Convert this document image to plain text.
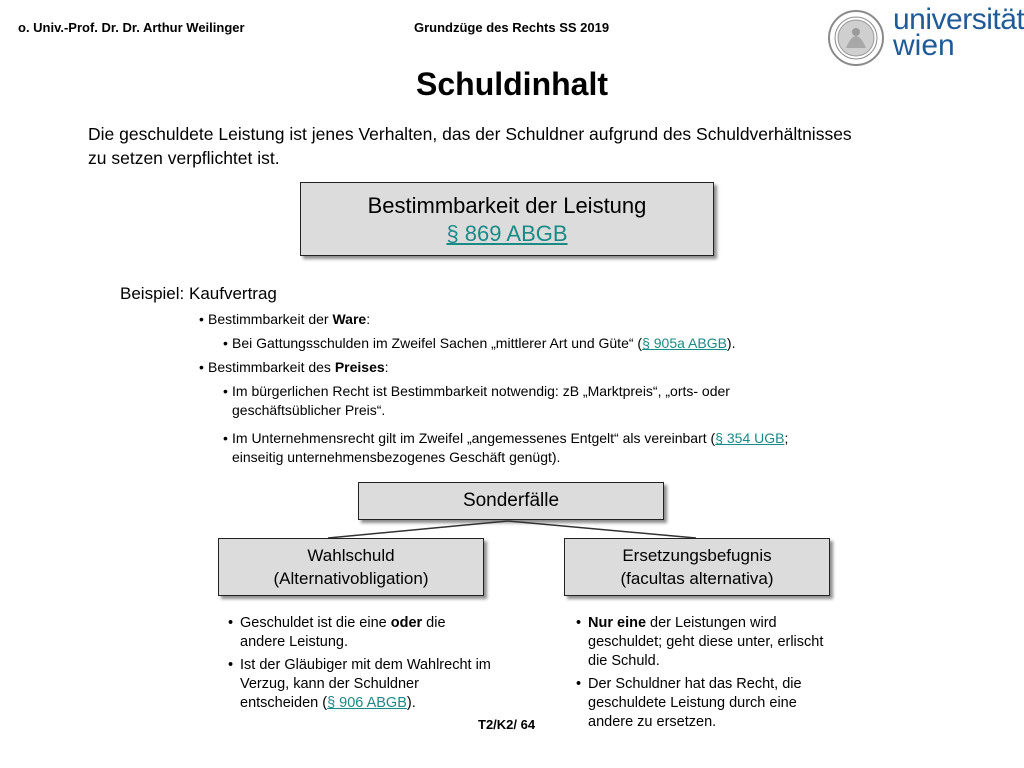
o. Univ.-Prof. Dr. Dr. Arthur Weilinger	Grundzüge des Rechts SS 2019	universität
wien
Schuldinhalt
Die geschuldete Leistung ist jenes Verhalten, das der Schuldner aufgrund des Schuldverhältnisses
zu setzen verpflichtet ist.
Bestimmbarkeit der Leistung
§ 869 ABGB
Beispiel: Kaufvertrag
• Bestimmbarkeit der Ware:
• Bei Gattungsschulden im Zweifel Sachen „mittlerer Art und Güte“ (§ 905a ABGB).
• Bestimmbarkeit des Preises:
• Im bürgerlichen Recht ist Bestimmbarkeit notwendig: zB „Marktpreis“, „orts- oder
geschäftsüblicher Preis“.
• Im Unternehmensrecht gilt im Zweifel „angemessenes Entgelt“ als vereinbart (§ 354 UGB;
einseitig unternehmensbezogenes Geschäft genügt).
Sonderfälle
Wahlschuld
(Alternativobligation)
Ersetzungsbefugnis
(facultas alternativa)
• Geschuldet ist die eine oder die andere Leistung.
• Ist der Gläubiger mit dem Wahlrecht im Verzug, kann der Schuldner entscheiden (§ 906 ABGB).
• Nur eine der Leistungen wird geschuldet; geht diese unter, erlischt die Schuld.
• Der Schuldner hat das Recht, die geschuldete Leistung durch eine andere zu ersetzen.
T2/K2/ 64
